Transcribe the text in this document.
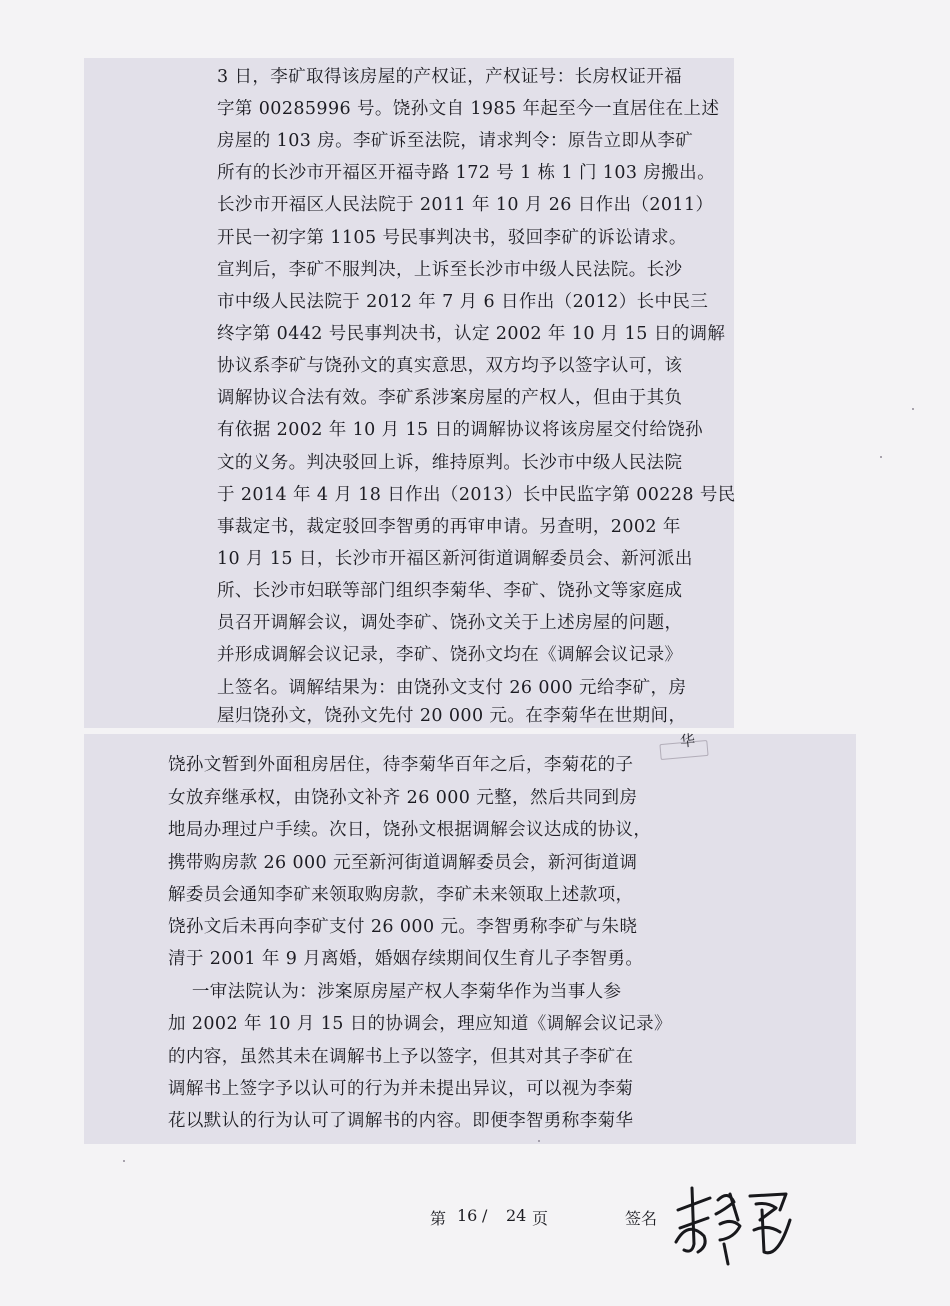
3 日，李矿取得该房屋的产权证，产权证号：长房权证开福
字第 00285996 号。饶孙文自 1985 年起至今一直居住在上述
房屋的 103 房。李矿诉至法院，请求判令：原告立即从李矿
所有的长沙市开福区开福寺路 172 号 1 栋 1 门 103 房搬出。
长沙市开福区人民法院于 2011 年 10 月 26 日作出（2011）
开民一初字第 1105 号民事判决书，驳回李矿的诉讼请求。
宣判后，李矿不服判决，上诉至长沙市中级人民法院。长沙
市中级人民法院于 2012 年 7 月 6 日作出（2012）长中民三
终字第 0442 号民事判决书，认定 2002 年 10 月 15 日的调解
协议系李矿与饶孙文的真实意思，双方均予以签字认可，该
调解协议合法有效。李矿系涉案房屋的产权人，但由于其负
有依据 2002 年 10 月 15 日的调解协议将该房屋交付给饶孙
文的义务。判决驳回上诉，维持原判。长沙市中级人民法院
于 2014 年 4 月 18 日作出（2013）长中民监字第 00228 号民
事裁定书，裁定驳回李智勇的再审申请。另查明，2002 年
10 月 15 日，长沙市开福区新河街道调解委员会、新河派出
所、长沙市妇联等部门组织李菊华、李矿、饶孙文等家庭成
员召开调解会议，调处李矿、饶孙文关于上述房屋的问题，
并形成调解会议记录，李矿、饶孙文均在《调解会议记录》
上签名。调解结果为：由饶孙文支付 26 000 元给李矿，房
屋归饶孙文，饶孙文先付 20 000 元。在李菊华在世期间，
华
饶孙文暂到外面租房居住，待李菊华百年之后，李菊花的子
女放弃继承权，由饶孙文补齐 26 000 元整，然后共同到房
地局办理过户手续。次日，饶孙文根据调解会议达成的协议，
携带购房款 26 000 元至新河街道调解委员会，新河街道调
解委员会通知李矿来领取购房款，李矿未来领取上述款项，
饶孙文后未再向李矿支付 26 000 元。李智勇称李矿与朱晓
清于 2001 年 9 月离婚，婚姻存续期间仅生育儿子李智勇。
一审法院认为：涉案原房屋产权人李菊华作为当事人参
加 2002 年 10 月 15 日的协调会，理应知道《调解会议记录》
的内容，虽然其未在调解书上予以签字，但其对其子李矿在
调解书上签字予以认可的行为并未提出异议，可以视为李菊
花以默认的行为认可了调解书的内容。即便李智勇称李菊华
第 16 / 24 页	签名
